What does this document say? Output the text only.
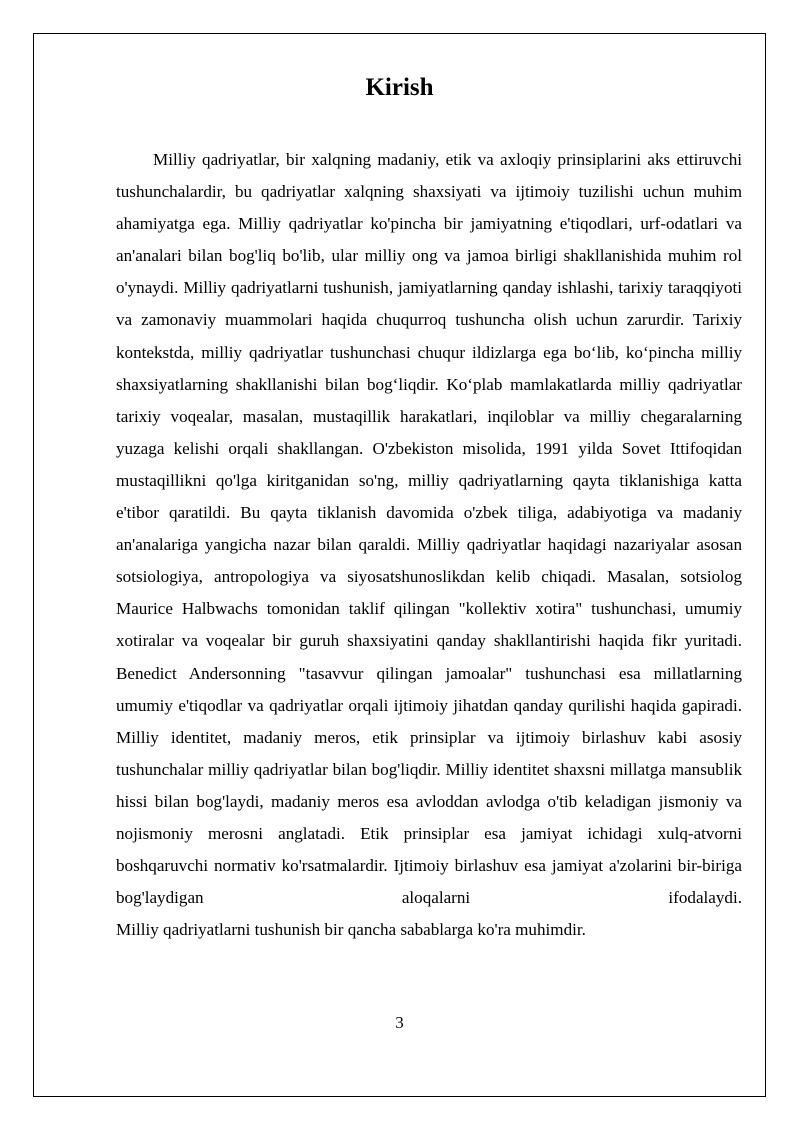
Kirish

Milliy qadriyatlar, bir xalqning madaniy, etik va axloqiy prinsiplarini aks ettiruvchi tushunchalardir, bu qadriyatlar xalqning shaxsiyati va ijtimoiy tuzilishi uchun muhim ahamiyatga ega. Milliy qadriyatlar ko'pincha bir jamiyatning e'tiqodlari, urf-odatlari va an'analari bilan bog'liq bo'lib, ular milliy ong va jamoa birligi shakllanishida muhim rol o'ynaydi. Milliy qadriyatlarni tushunish, jamiyatlarning qanday ishlashi, tarixiy taraqqiyoti va zamonaviy muammolari haqida chuqurroq tushuncha olish uchun zarurdir. Tarixiy kontekstda, milliy qadriyatlar tushunchasi chuqur ildizlarga ega bo‘lib, ko‘pincha milliy shaxsiyatlarning shakllanishi bilan bog‘liqdir. Ko‘plab mamlakatlarda milliy qadriyatlar tarixiy voqealar, masalan, mustaqillik harakatlari, inqiloblar va milliy chegaralarning yuzaga kelishi orqali shakllangan. O'zbekiston misolida, 1991 yilda Sovet Ittifoqidan mustaqillikni qo'lga kiritganidan so'ng, milliy qadriyatlarning qayta tiklanishiga katta e'tibor qaratildi. Bu qayta tiklanish davomida o'zbek tiliga, adabiyotiga va madaniy an'analariga yangicha nazar bilan qaraldi. Milliy qadriyatlar haqidagi nazariyalar asosan sotsiologiya, antropologiya va siyosatshunoslikdan kelib chiqadi. Masalan, sotsiolog Maurice Halbwachs tomonidan taklif qilingan "kollektiv xotira" tushunchasi, umumiy xotiralar va voqealar bir guruh shaxsiyatini qanday shakllantirishi haqida fikr yuritadi. Benedict Andersonning "tasavvur qilingan jamoalar" tushunchasi esa millatlarning umumiy e'tiqodlar va qadriyatlar orqali ijtimoiy jihatdan qanday qurilishi haqida gapiradi. Milliy identitet, madaniy meros, etik prinsiplar va ijtimoiy birlashuv kabi asosiy tushunchalar milliy qadriyatlar bilan bog'liqdir. Milliy identitet shaxsni millatga mansublik hissi bilan bog'laydi, madaniy meros esa avloddan avlodga o'tib keladigan jismoniy va nojismoniy merosni anglatadi. Etik prinsiplar esa jamiyat ichidagi xulq-atvorni boshqaruvchi normativ ko'rsatmalardir. Ijtimoiy birlashuv esa jamiyat a'zolarini bir-biriga bog'laydigan aloqalarni ifodalaydi.

Milliy qadriyatlarni tushunish bir qancha sabablarga ko'ra muhimdir.

3
